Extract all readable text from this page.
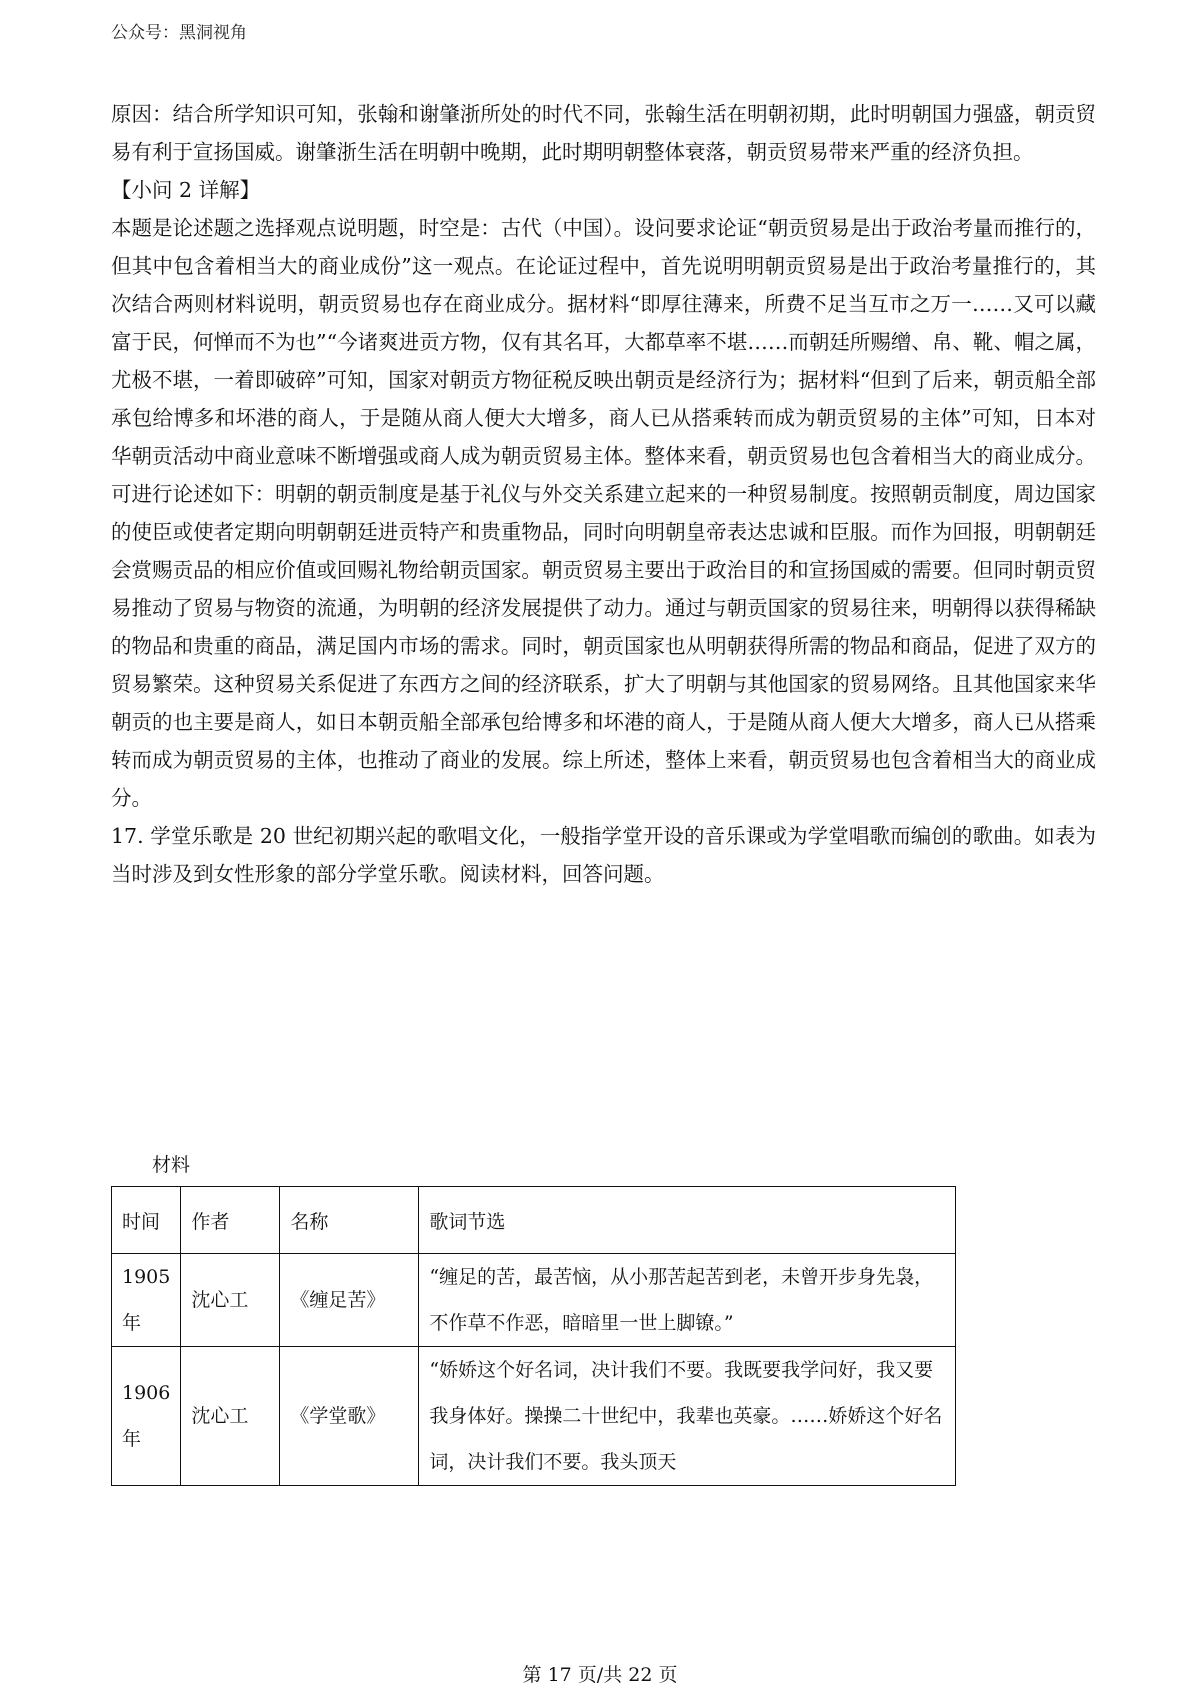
公众号：黑洞视角

原因：结合所学知识可知，张翰和谢肇浙所处的时代不同，张翰生活在明朝初期，此时明朝国力强盛，朝贡贸易有利于宣扬国威。谢肇浙生活在明朝中晚期，此时期明朝整体衰落，朝贡贸易带来严重的经济负担。

【小问 2 详解】

本题是论述题之选择观点说明题，时空是：古代（中国）。设问要求论证“朝贡贸易是出于政治考量而推行的，但其中包含着相当大的商业成份”这一观点。在论证过程中，首先说明明朝贡贸易是出于政治考量推行的，其次结合两则材料说明，朝贡贸易也存在商业成分。据材料“即厚往薄来，所费不足当互市之万一……又可以藏富于民，何惮而不为也”“今诸爽进贡方物，仅有其名耳，大都草率不堪……而朝廷所赐缯、帛、靴、帽之属，尤极不堪，一着即破碎”可知，国家对朝贡方物征税反映出朝贡是经济行为；据材料“但到了后来，朝贡船全部承包给博多和坏港的商人，于是随从商人便大大增多，商人已从搭乘转而成为朝贡贸易的主体”可知，日本对华朝贡活动中商业意味不断增强或商人成为朝贡贸易主体。整体来看，朝贡贸易也包含着相当大的商业成分。可进行论述如下：明朝的朝贡制度是基于礼仪与外交关系建立起来的一种贸易制度。按照朝贡制度，周边国家的使臣或使者定期向明朝朝廷进贡特产和贵重物品，同时向明朝皇帝表达忠诚和臣服。而作为回报，明朝朝廷会赏赐贡品的相应价值或回赐礼物给朝贡国家。朝贡贸易主要出于政治目的和宣扬国威的需要。但同时朝贡贸易推动了贸易与物资的流通，为明朝的经济发展提供了动力。通过与朝贡国家的贸易往来，明朝得以获得稀缺的物品和贵重的商品，满足国内市场的需求。同时，朝贡国家也从明朝获得所需的物品和商品，促进了双方的贸易繁荣。这种贸易关系促进了东西方之间的经济联系，扩大了明朝与其他国家的贸易网络。且其他国家来华朝贡的也主要是商人，如日本朝贡船全部承包给博多和坏港的商人，于是随从商人便大大增多，商人已从搭乘转而成为朝贡贸易的主体，也推动了商业的发展。综上所述，整体上来看，朝贡贸易也包含着相当大的商业成分。

17. 学堂乐歌是 20 世纪初期兴起的歌唱文化，一般指学堂开设的音乐课或为学堂唱歌而编创的歌曲。如表为当时涉及到女性形象的部分学堂乐歌。阅读材料，回答问题。

材料
时间	作者	名称	歌词节选
1905 年	沈心工	《缠足苦》	“缠足的苦，最苦恼，从小那苦起苦到老，未曾开步身先袅，不作草不作恶，暗暗里一世上脚镣。”
1906 年	沈心工	《学堂歌》	“娇娇这个好名词，决计我们不要。我既要我学问好，我又要我身体好。操操二十世纪中，我辈也英豪。……娇娇这个好名词，决计我们不要。我头顶天
第 17 页/共 22 页
